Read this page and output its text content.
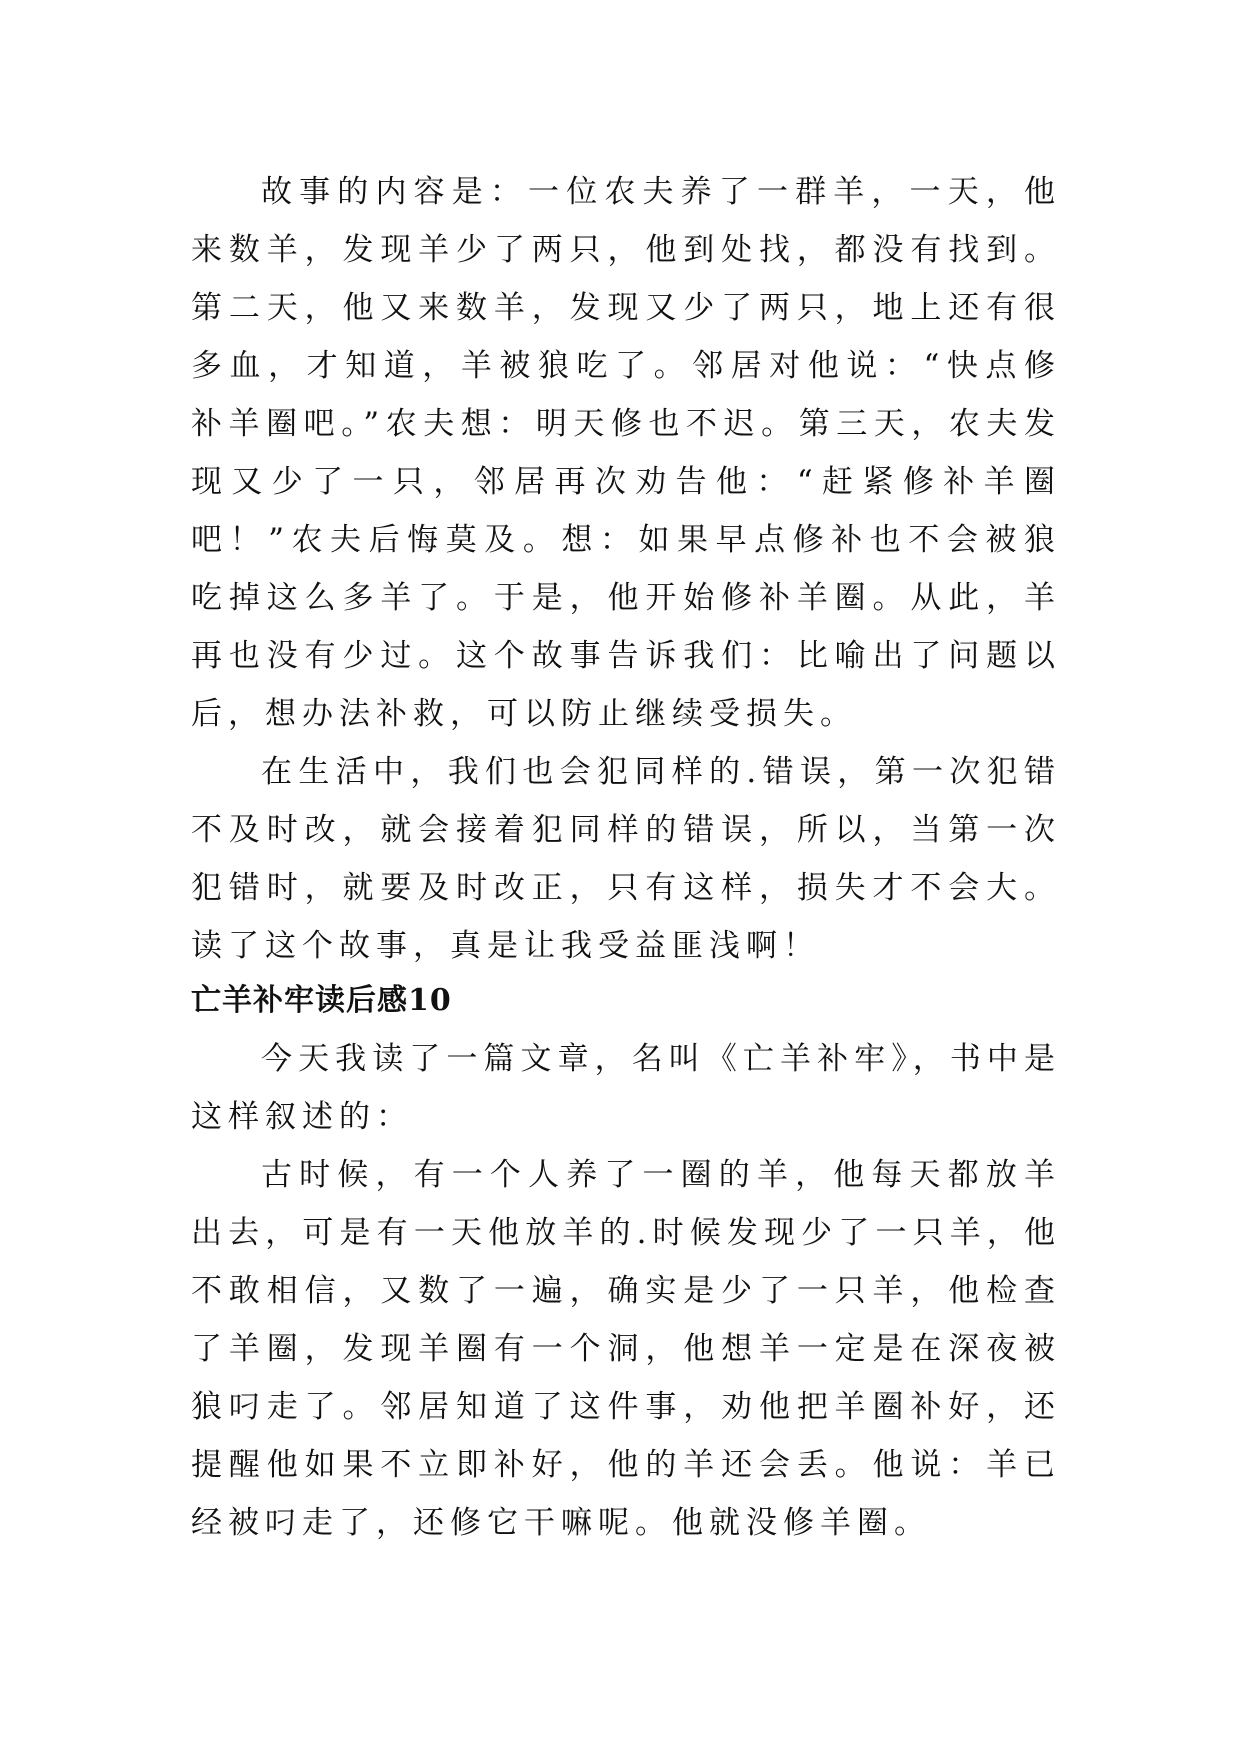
故事的内容是：一位农夫养了一群羊，一天，他来数羊，发现羊少了两只，他到处找，都没有找到。第二天，他又来数羊，发现又少了两只，地上还有很多血，才知道，羊被狼吃了。邻居对他说：“快点修补羊圈吧。”农夫想：明天修也不迟。第三天，农夫发现又少了一只，邻居再次劝告他：“赶紧修补羊圈吧！”农夫后悔莫及。想：如果早点修补也不会被狼吃掉这么多羊了。于是，他开始修补羊圈。从此，羊再也没有少过。这个故事告诉我们：比喻出了问题以后，想办法补救，可以防止继续受损失。

在生活中，我们也会犯同样的.错误，第一次犯错不及时改，就会接着犯同样的错误，所以，当第一次犯错时，就要及时改正，只有这样，损失才不会大。读了这个故事，真是让我受益匪浅啊！

亡羊补牢读后感10

今天我读了一篇文章，名叫《亡羊补牢》，书中是这样叙述的：

古时候，有一个人养了一圈的羊，他每天都放羊出去，可是有一天他放羊的.时候发现少了一只羊，他不敢相信，又数了一遍，确实是少了一只羊，他检查了羊圈，发现羊圈有一个洞，他想羊一定是在深夜被狼叼走了。邻居知道了这件事，劝他把羊圈补好，还提醒他如果不立即补好，他的羊还会丢。他说：羊已经被叼走了，还修它干嘛呢。他就没修羊圈。
